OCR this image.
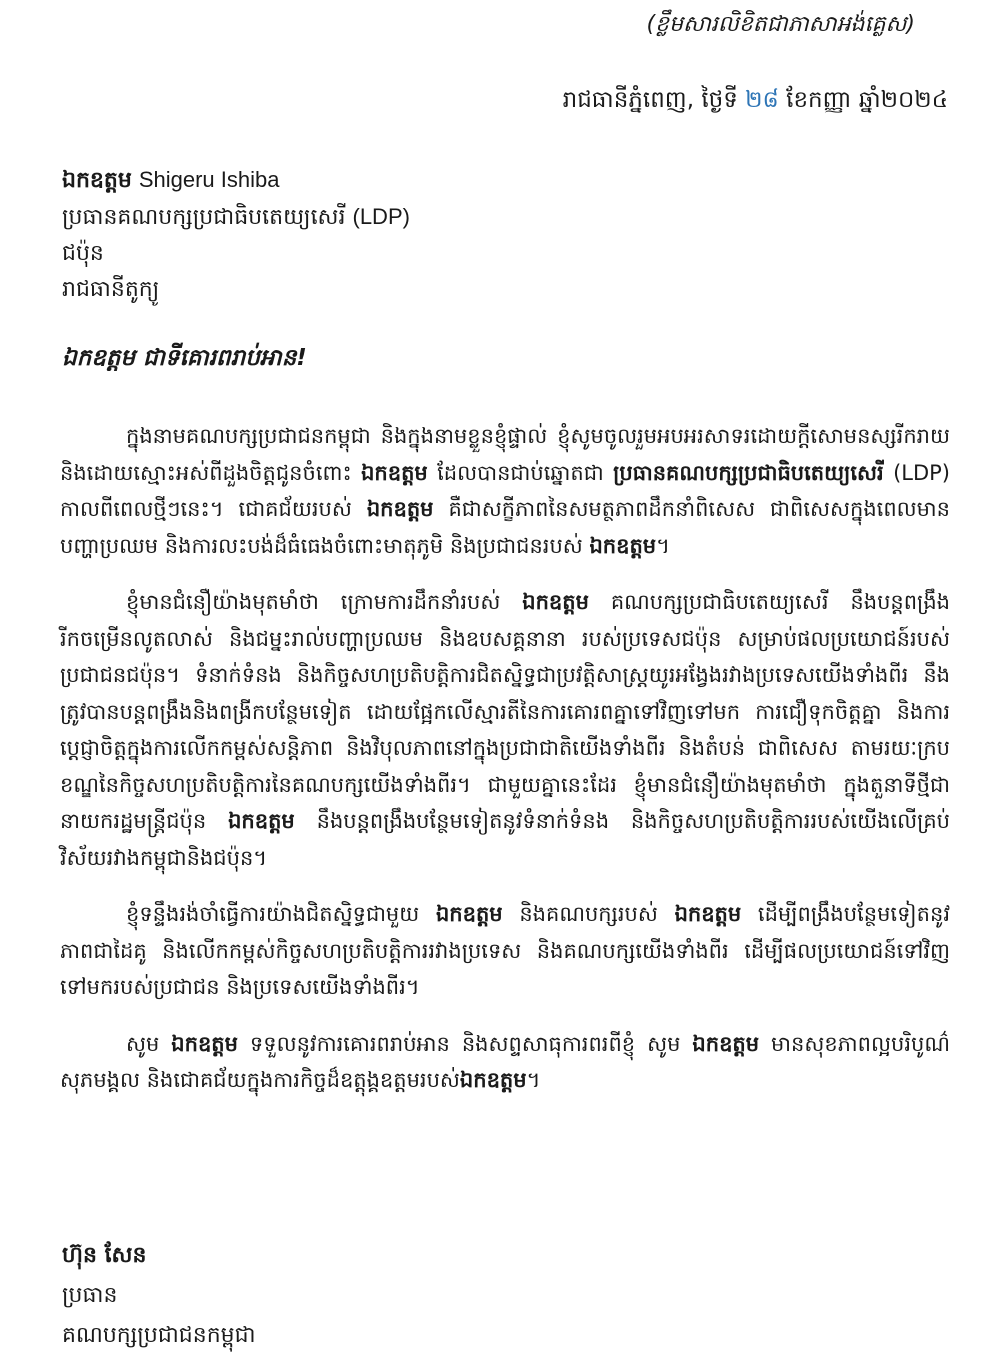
(ខ្លឹមសារលិខិតជាភាសាអង់គ្លេស)
រាជធានីភ្នំពេញ, ថ្ងៃទី ២៨ ខែកញ្ញា ឆ្នាំ២០២៤
ឯកឧត្តម Shigeru Ishiba
ប្រធានគណបក្សប្រជាធិបតេយ្យសេរី (LDP)
ជប៉ុន
រាជធានីតូក្យូ
ឯកឧត្តម ជាទីគោរពរាប់អាន!

ក្នុងនាមគណបក្សប្រជាជនកម្ពុជា និងក្នុងនាមខ្លួនខ្ញុំផ្ទាល់ ខ្ញុំសូមចូលរួមអបអរសាទរដោយក្ដីសោមនស្សរីករាយនិងដោយស្មោះអស់ពីដួងចិត្តជូនចំពោះ ឯកឧត្តម ដែលបានជាប់ឆ្នោតជា ប្រធានគណបក្សប្រជាធិបតេយ្យសេរី (LDP) កាលពីពេលថ្មីៗនេះ។ ជោគជ័យរបស់ ឯកឧត្តម គឺជាសក្ខីភាពនៃសមត្ថភាពដឹកនាំពិសេស ជាពិសេសក្នុងពេលមានបញ្ហាប្រឈម និងការលះបង់ដ៏ធំធេងចំពោះមាតុភូមិ និងប្រជាជនរបស់ ឯកឧត្តម។

ខ្ញុំមានជំនឿយ៉ាងមុតមាំថា ក្រោមការដឹកនាំរបស់ ឯកឧត្តម គណបក្សប្រជាធិបតេយ្យសេរី នឹងបន្តពង្រឹង រីកចម្រើនលូតលាស់ និងជម្នះរាល់បញ្ហាប្រឈម និងឧបសគ្គនានា របស់ប្រទេសជប៉ុន សម្រាប់ផលប្រយោជន៍របស់ប្រជាជនជប៉ុន។ ទំនាក់ទំនង និងកិច្ចសហប្រតិបត្តិការជិតស្និទ្ធជាប្រវត្តិសាស្ត្រយូរអង្វែងរវាងប្រទេសយើងទាំងពីរ នឹងត្រូវបានបន្តពង្រឹងនិងពង្រីកបន្ថែមទៀត ដោយផ្អែកលើស្មារតីនៃការគោរពគ្នាទៅវិញទៅមក ការជឿទុកចិត្តគ្នា និងការប្ដេជ្ញាចិត្តក្នុងការលើកកម្ពស់សន្តិភាព និងវិបុលភាពនៅក្នុងប្រជាជាតិយើងទាំងពីរ និងតំបន់ ជាពិសេស តាមរយៈក្របខណ្ឌនៃកិច្ចសហប្រតិបត្តិការនៃគណបក្សយើងទាំងពីរ។ ជាមួយគ្នានេះដែរ ខ្ញុំមានជំនឿយ៉ាងមុតមាំថា ក្នុងតួនាទីថ្មីជានាយករដ្ឋមន្ត្រីជប៉ុន ឯកឧត្តម នឹងបន្តពង្រឹងបន្ថែមទៀតនូវទំនាក់ទំនង និងកិច្ចសហប្រតិបត្តិការរបស់យើងលើគ្រប់វិស័យរវាងកម្ពុជានិងជប៉ុន។

ខ្ញុំទន្ទឹងរង់ចាំធ្វើការយ៉ាងជិតស្និទ្ធជាមួយ ឯកឧត្តម និងគណបក្សរបស់ ឯកឧត្តម ដើម្បីពង្រឹងបន្ថែមទៀតនូវភាពជាដៃគូ និងលើកកម្ពស់កិច្ចសហប្រតិបត្តិការរវាងប្រទេស និងគណបក្សយើងទាំងពីរ ដើម្បីផលប្រយោជន៍ទៅវិញទៅមករបស់ប្រជាជន និងប្រទេសយើងទាំងពីរ។

សូម ឯកឧត្តម ទទួលនូវការគោរពរាប់អាន និងសព្ទសាធុការពរពីខ្ញុំ សូម ឯកឧត្តម មានសុខភាពល្អបរិបូណ៌ សុភមង្គល និងជោគជ័យក្នុងការកិច្ចដ៏ឧត្តុង្គឧត្តមរបស់ឯកឧត្តម។

ហ៊ុន សែន
ប្រធាន
គណបក្សប្រជាជនកម្ពុជា
